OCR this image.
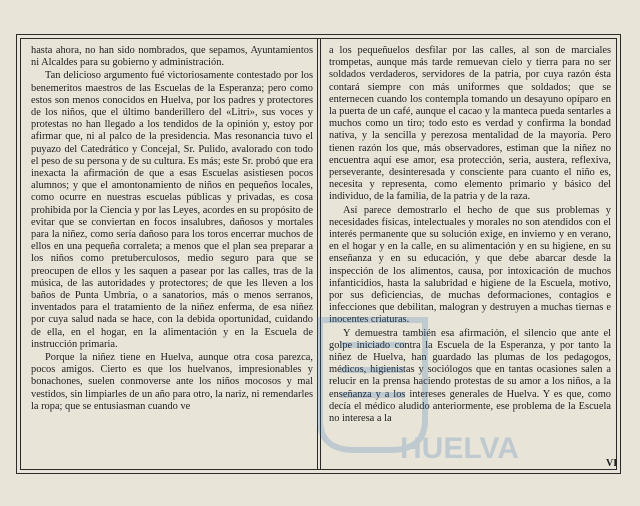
hasta ahora, no han sido nombrados, que sepamos, Ayuntamientos ni Alcaldes para su gobierno y administración.

Tan delicioso argumento fué victoriosamente contestado por los benemeritos maestros de las Escuelas de la Esperanza; pero como estos son menos conocidos en Huelva, por los padres y protectores de los niños, que el último banderillero del «Litri», sus voces y protestas no han llegado a los tendidos de la opinión y, estoy por afirmar que, ni al palco de la presidencia. Mas resonancia tuvo el puyazo del Catedrático y Concejal, Sr. Pulido, avalorado con todo el peso de su persona y de su cultura. Es más; este Sr. probó que era inexacta la afirmación de que a esas Escuelas asistiesen pocos alumnos; y que el amontonamiento de niños en pequeños locales, como ocurre en nuestras escuelas públicas y privadas, es cosa prohibida por la Ciencia y por las Leyes, acordes en su propósito de evitar que se conviertan en focos insalubres, dañosos y mortales para la niñez, como sería dañoso para los toros encerrar muchos de ellos en una pequeña corraleta; a menos que el plan sea preparar a los niños como pretuberculosos, medio seguro para que se preocupen de ellos y les saquen a pasear por las calles, tras de la música, de las autoridades y protectores; de que les lleven a los baños de Punta Umbría, o a sanatorios, más o menos serranos, inventados para el tratamiento de la niñez enferma, de esa niñez por cuya salud nada se hace, con la debida oportunidad, cuidando de ella, en el hogar, en la alimentación y en la Escuela de instrucción primaria.

Porque la niñez tiene en Huelva, aunque otra cosa parezca, pocos amigos. Cierto es que los huelvanos, impresionables y bonachones, suelen conmoverse ante los niños mocosos y mal vestidos, sin limpiarles de un año para otro, la nariz, ni remendarles la ropa; que se entusiasman cuando ve

a los pequeñuelos desfilar por las calles, al son de marciales trompetas, aunque más tarde remuevan cielo y tierra para no ser soldados verdaderos, servidores de la patria, por cuya razón ésta contará siempre con más uniformes que soldados; que se enternecen cuando los contempla tomando un desayuno opíparo en la puerta de un café, aunque el cacao y la manteca pueda sentarles a muchos como un tiro; todo esto es verdad y confirma la bondad nativa, y la sencilla y perezosa mentalidad de la mayoría. Pero tienen razón los que, más observadores, estiman que la niñez no encuentra aquí ese amor, esa protección, seria, austera, reflexiva, perseverante, desinteresada y consciente para cuanto el niño es, necesita y representa, como elemento primario y básico del individuo, de la familia, de la patria y de la raza.

Así parece demostrarlo el hecho de que sus problemas y necesidades físicas, intelectuales y morales no son atendidos con el interés permanente que su solución exige, en invierno y en verano, en el hogar y en la calle, en su alimentación y en su higiene, en su enseñanza y en su educación, y que debe abarcar desde la inspección de los alimentos, causa, por intoxicación de muchos infanticidios, hasta la salubridad e higiene de la Escuela, motivo, por sus deficiencias, de muchas deformaciones, contagios e infecciones que debilitan, malogran y destruyen a muchas tiernas e inocentes criaturas.

Y demuestra también esa afirmación, el silencio que ante el golpe iniciado contra la Escuela de la Esperanza, y por tanto la niñez de Huelva, han guardado las plumas de los pedagogos, médicos, higienistas y sociólogos que en tantas ocasiones salen a relucir en la prensa haciendo protestas de su amor a los niños, a la enseñanza y a los intereses generales de Huelva. Y es que, como decía el médico aludido anteriormente, ese problema de la Escuela no interesa a la

HUELVA	VI
